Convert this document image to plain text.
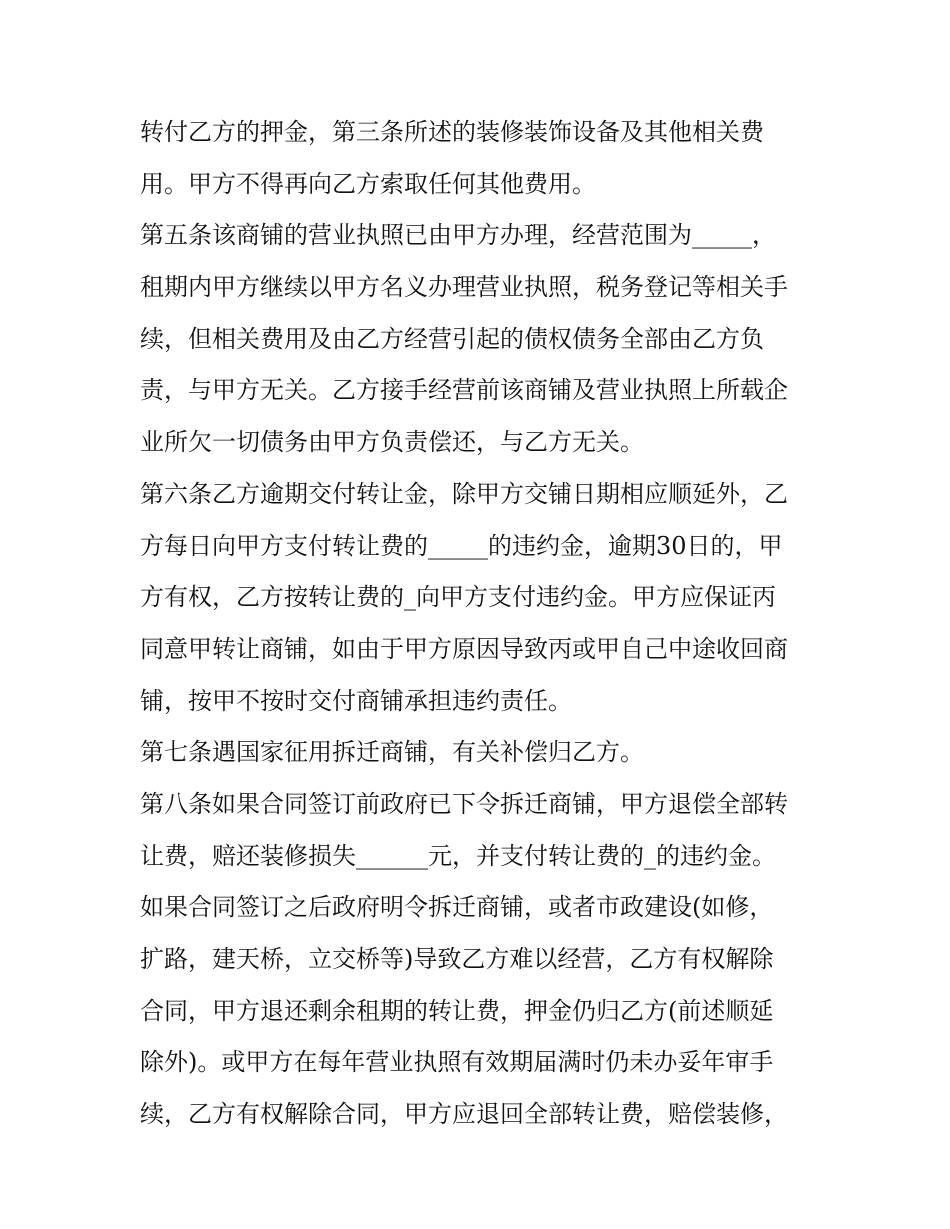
转付乙方的押金，第三条所述的装修装饰设备及其他相关费
用。甲方不得再向乙方索取任何其他费用。
第五条该商铺的营业执照已由甲方办理，经营范围为_____，
租期内甲方继续以甲方名义办理营业执照，税务登记等相关手
续，但相关费用及由乙方经营引起的债权债务全部由乙方负
责，与甲方无关。乙方接手经营前该商铺及营业执照上所载企
业所欠一切债务由甲方负责偿还，与乙方无关。
第六条乙方逾期交付转让金，除甲方交铺日期相应顺延外，乙
方每日向甲方支付转让费的_____的违约金，逾期30日的，甲
方有权，乙方按转让费的_向甲方支付违约金。甲方应保证丙
同意甲转让商铺，如由于甲方原因导致丙或甲自己中途收回商
铺，按甲不按时交付商铺承担违约责任。
第七条遇国家征用拆迁商铺，有关补偿归乙方。
第八条如果合同签订前政府已下令拆迁商铺，甲方退偿全部转
让费，赔还装修损失______元，并支付转让费的_的违约金。
如果合同签订之后政府明令拆迁商铺，或者市政建设(如修，
扩路，建天桥，立交桥等)导致乙方难以经营，乙方有权解除
合同，甲方退还剩余租期的转让费，押金仍归乙方(前述顺延
除外)。或甲方在每年营业执照有效期届满时仍未办妥年审手
续，乙方有权解除合同，甲方应退回全部转让费，赔偿装修，
